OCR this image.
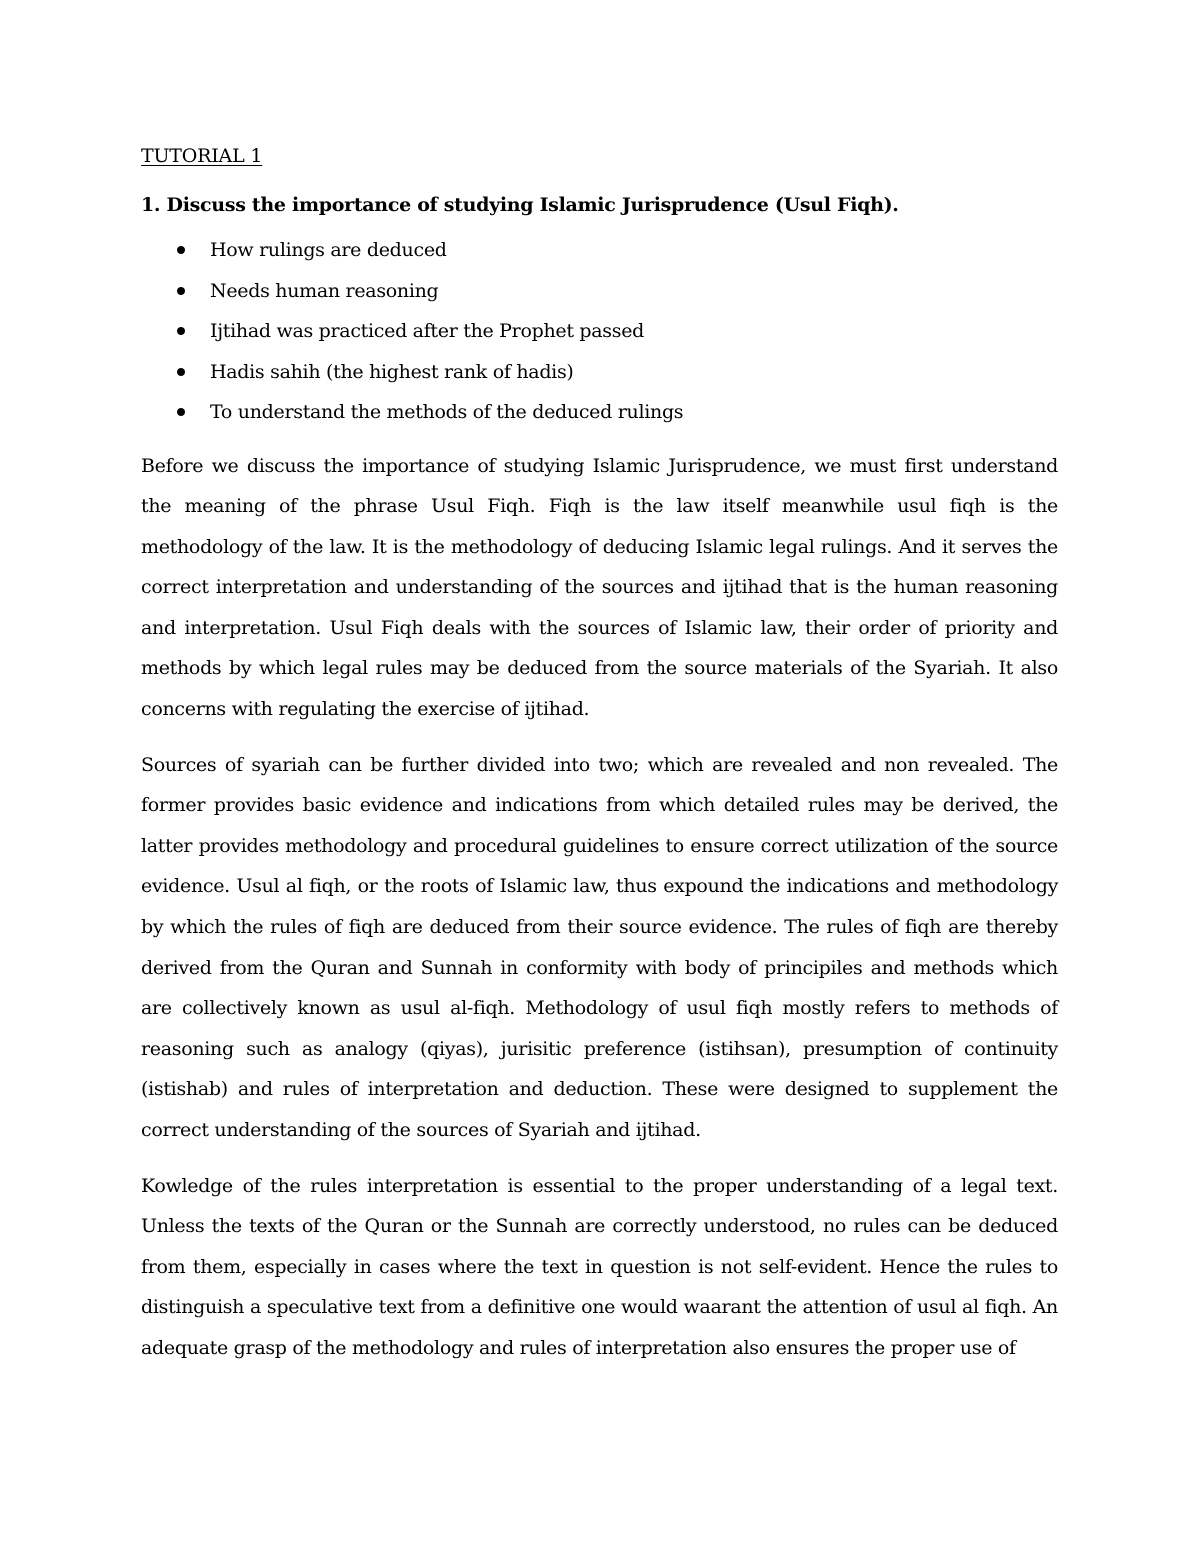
TUTORIAL 1

1. Discuss the importance of studying Islamic Jurisprudence (Usul Fiqh).

How rulings are deduced
Needs human reasoning
Ijtihad was practiced after the Prophet passed
Hadis sahih (the highest rank of hadis)
To understand the methods of the deduced rulings

Before we discuss the importance of studying Islamic Jurisprudence, we must first understand the meaning of the phrase Usul Fiqh. Fiqh is the law itself meanwhile usul fiqh is the methodology of the law. It is the methodology of deducing Islamic legal rulings. And it serves the correct interpretation and understanding of the sources and ijtihad that is the human reasoning and interpretation. Usul Fiqh deals with the sources of Islamic law, their order of priority and methods by which legal rules may be deduced from the source materials of the Syariah. It also concerns with regulating the exercise of ijtihad.

Sources of syariah can be further divided into two; which are revealed and non revealed. The former provides basic evidence and indications from which detailed rules may be derived, the latter provides methodology and procedural guidelines to ensure correct utilization of the source evidence. Usul al fiqh, or the roots of Islamic law, thus expound the indications and methodology by which the rules of fiqh are deduced from their source evidence. The rules of fiqh are thereby derived from the Quran and Sunnah in conformity with body of principiles and methods which are collectively known as usul al-fiqh. Methodology of usul fiqh mostly refers to methods of reasoning such as analogy (qiyas), jurisitic preference (istihsan), presumption of continuity (istishab) and rules of interpretation and deduction. These were designed to supplement the correct understanding of the sources of Syariah and ijtihad.

Kowledge of the rules interpretation is essential to the proper understanding of a legal text. Unless the texts of the Quran or the Sunnah are correctly understood, no rules can be deduced from them, especially in cases where the text in question is not self-evident. Hence the rules to distinguish a speculative text from a definitive one would waarant the attention of usul al fiqh. An adequate grasp of the methodology and rules of interpretation also ensures the proper use of
